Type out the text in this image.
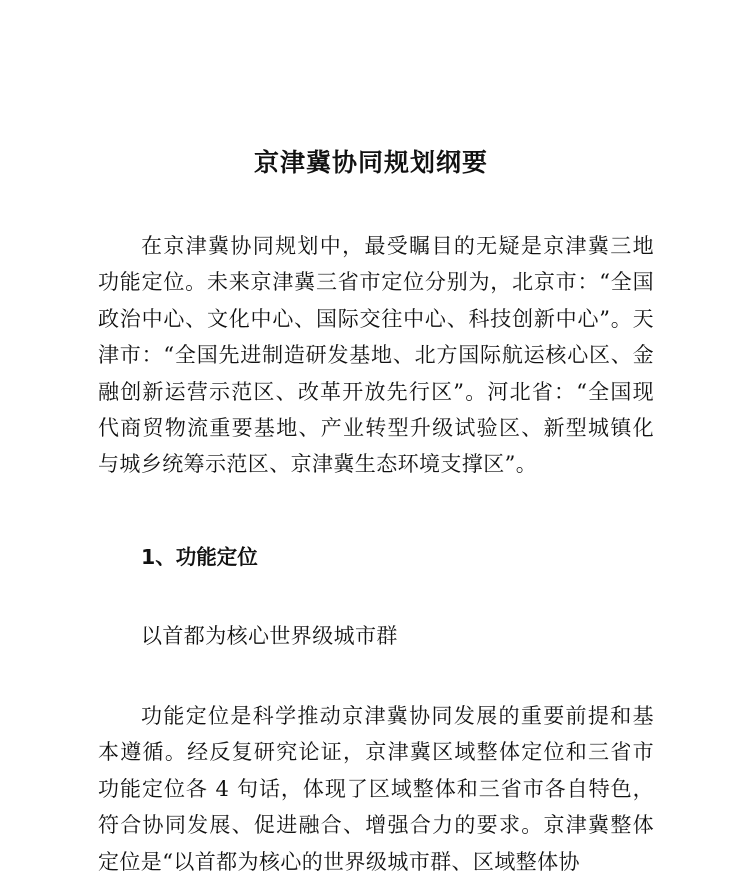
京津冀协同规划纲要

在京津冀协同规划中，最受瞩目的无疑是京津冀三地功能定位。未来京津冀三省市定位分别为，北京市：“全国政治中心、文化中心、国际交往中心、科技创新中心”。天津市：“全国先进制造研发基地、北方国际航运核心区、金融创新运营示范区、改革开放先行区”。河北省：“全国现代商贸物流重要基地、产业转型升级试验区、新型城镇化与城乡统筹示范区、京津冀生态环境支撑区”。

1、功能定位
以首都为核心世界级城市群

功能定位是科学推动京津冀协同发展的重要前提和基本遵循。经反复研究论证，京津冀区域整体定位和三省市功能定位各 4 句话，体现了区域整体和三省市各自特色，符合协同发展、促进融合、增强合力的要求。京津冀整体定位是“以首都为核心的世界级城市群、区域整体协
